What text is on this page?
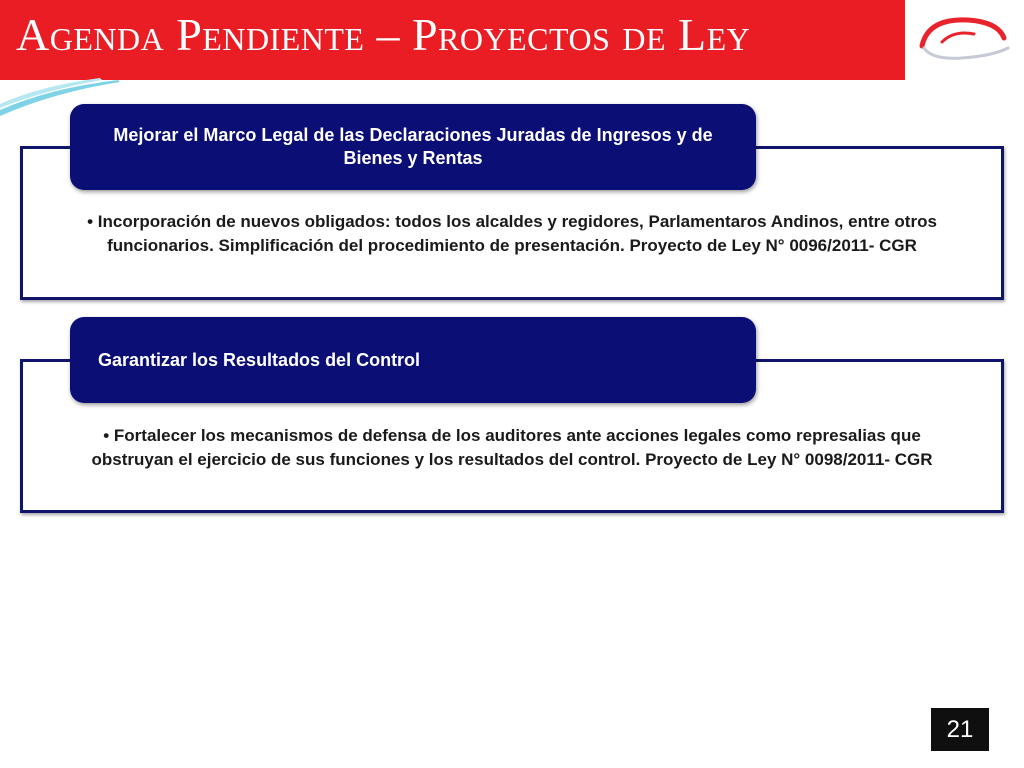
Agenda Pendiente – Proyectos de Ley
Mejorar el Marco Legal de las Declaraciones Juradas de Ingresos y de Bienes y Rentas
• Incorporación de nuevos obligados: todos los alcaldes y regidores, Parlamentaros Andinos, entre otros funcionarios. Simplificación del procedimiento de presentación. Proyecto de Ley N° 0096/2011- CGR
Garantizar los Resultados del Control
• Fortalecer los mecanismos de defensa de los auditores ante acciones legales como represalias que obstruyan el ejercicio de sus funciones y los resultados del control. Proyecto de Ley N° 0098/2011- CGR
21
